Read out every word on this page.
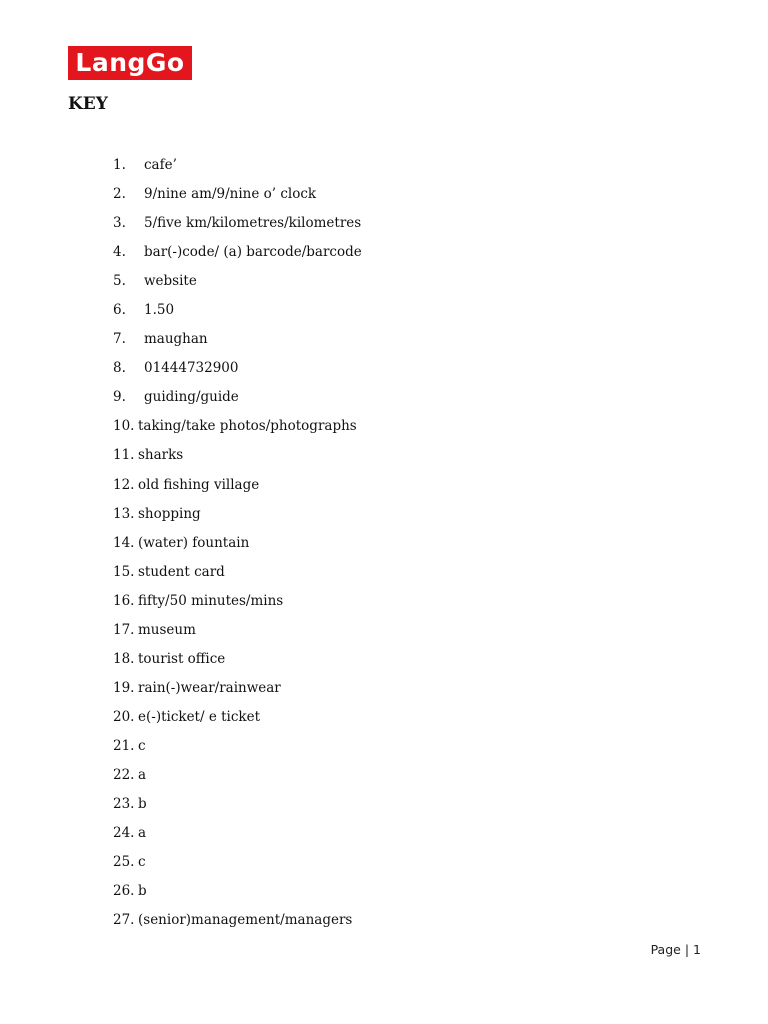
LangGo
KEY
1. cafe’
2. 9/nine am/9/nine o’ clock
3. 5/five km/kilometres/kilometres
4. bar(-)code/ (a) barcode/barcode
5. website
6. 1.50
7. maughan
8. 01444732900
9. guiding/guide
10. taking/take photos/photographs
11. sharks
12. old fishing village
13. shopping
14. (water) fountain
15. student card
16. fifty/50 minutes/mins
17. museum
18. tourist office
19. rain(-)wear/rainwear
20. e(-)ticket/ e ticket
21. c
22. a
23. b
24. a
25. c
26. b
27. (senior)management/managers
Page | 1
